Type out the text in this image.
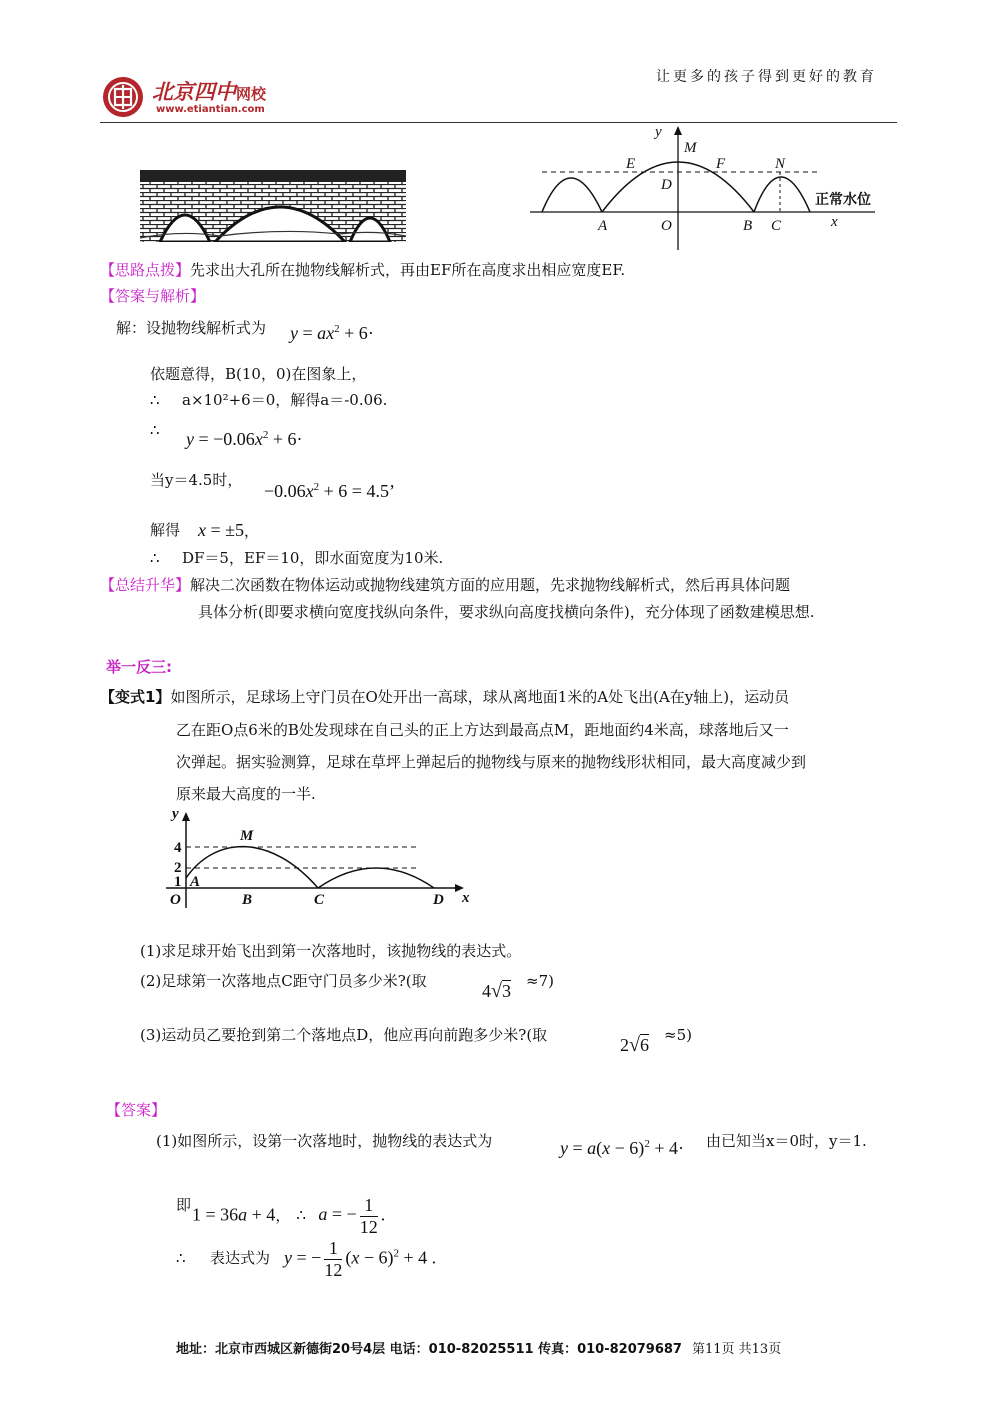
北京四中网校
www.etiantian.com
让更多的孩子得到更好的教育
y
M
E	F	N
D
A	O	B C	x
正常水位
【思路点拨】先求出大孔所在抛物线解析式，再由EF所在高度求出相应宽度EF.
【答案与解析】
解：设抛物线解析式为 $y = ax^2 + 6\cdot$
依题意得，B(10，0)在图象上，
∴ a×10²+6＝0，解得a＝-0.06.
∴ $y = -0.06x^2 + 6\cdot$
当y＝4.5时，
$-0.06x^2 + 6 = 4.5$’
解得 x = ±5，
∴ DF＝5，EF＝10，即水面宽度为10米.
【总结升华】解决二次函数在物体运动或抛物线建筑方面的应用题，先求抛物线解析式，然后再具体问题
具体分析(即要求横向宽度找纵向条件，要求纵向高度找横向条件)，充分体现了函数建模思想.
举一反三:
【变式1】如图所示，足球场上守门员在O处开出一高球，球从离地面1米的A处飞出(A在y轴上)，运动员
乙在距O点6米的B处发现球在自己头的正上方达到最高点M，距地面约4米高，球落地后又一
次弹起。据实验测算，足球在草坪上弹起后的抛物线与原来的抛物线形状相同，最大高度减少到
原来最大高度的一半.
y
M
4
2
1 A
O	B	C	D x
(1)求足球开始飞出到第一次落地时，该抛物线的表达式。
(2)足球第一次落地点C距守门员多少米?(取	4√3 ≈7)
(3)运动员乙要抢到第二个落地点D，他应再向前跑多少米?(取	2√6 ≈5)
【答案】
(1)如图所示，设第一次落地时，抛物线的表达式为	$y = a(x - 6)^2 + 4\cdot$ 由已知当x＝0时，y＝1.
即 1 = 36a + 4， ∴ a = − $\frac{1}{12}$ .
∴ 表达式为 y = − $\frac{1}{12} (x - 6)^2 + 4$ .
地址：北京市西城区新德街20号4层 电话：010-82025511 传真：010-82079687 第11页 共13页
